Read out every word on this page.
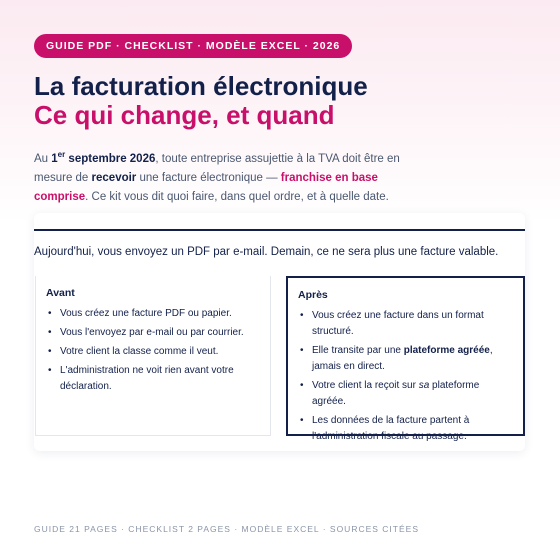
GUIDE PDF · CHECKLIST · MODÈLE EXCEL · 2026
La facturation électronique
Ce qui change, et quand

Au 1er septembre 2026, toute entreprise assujettie à la TVA doit être en mesure de recevoir une facture électronique — franchise en base comprise. Ce kit vous dit quoi faire, dans quel ordre, et à quelle date.

Aujourd'hui, vous envoyez un PDF par e-mail. Demain, ce ne sera plus une facture valable.
Avant
• Vous créez une facture PDF ou papier.
• Vous l'envoyez par e-mail ou par courrier.
• Votre client la classe comme il veut.
• L'administration ne voit rien avant votre déclaration.
Après
• Vous créez une facture dans un format structuré.
• Elle transite par une plateforme agréée, jamais en direct.
• Votre client la reçoit sur sa plateforme agréée.
• Les données de la facture partent à l'administration fiscale au passage.
GUIDE 21 PAGES · CHECKLIST 2 PAGES · MODÈLE EXCEL · SOURCES CITÉES
